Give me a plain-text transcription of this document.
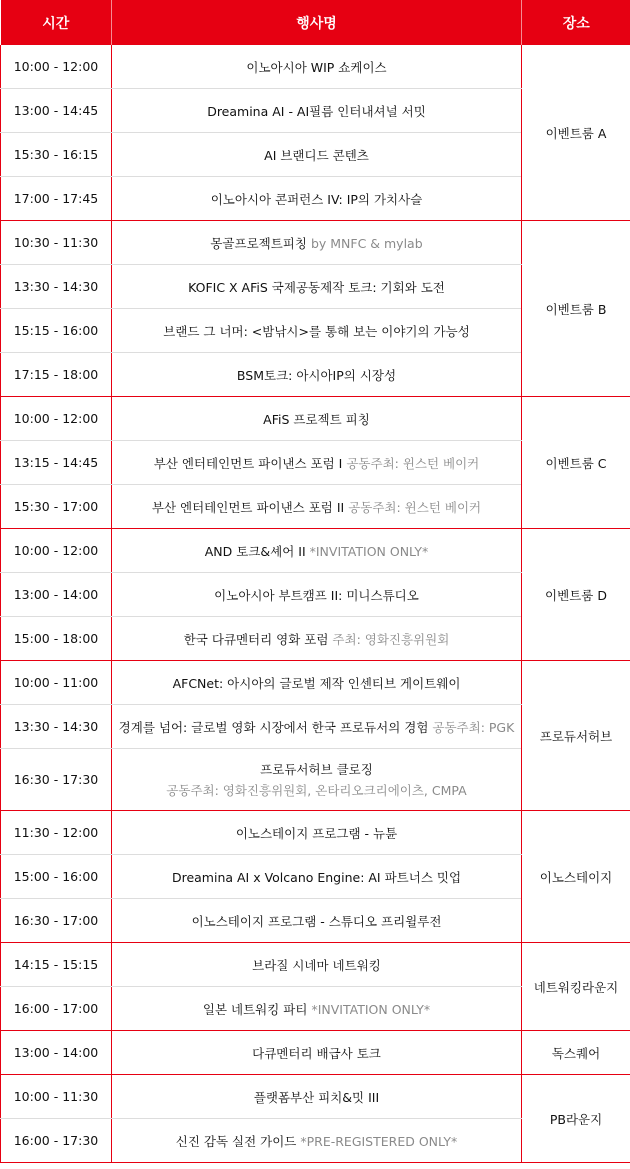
시간	행사명	장소
10:00 - 12:00	이노아시아 WIP 쇼케이스	이벤트룸 A
13:00 - 14:45	Dreamina AI - AI필름 인터내셔널 서밋	
15:30 - 16:15	AI 브랜디드 콘텐츠	
17:00 - 17:45	이노아시아 콘퍼런스 IV: IP의 가치사슬	
10:30 - 11:30	몽골프로젝트피칭 by MNFC & mylab	이벤트룸 B
13:30 - 14:30	KOFIC X AFiS 국제공동제작 토크: 기회와 도전	
15:15 - 16:00	브랜드 그 너머: <밤낚시>를 통해 보는 이야기의 가능성	
17:15 - 18:00	BSM토크: 아시아IP의 시장성	
10:00 - 12:00	AFiS 프로젝트 피칭	이벤트룸 C
13:15 - 14:45	부산 엔터테인먼트 파이낸스 포럼 I 공동주최: 윈스턴 베이커	
15:30 - 17:00	부산 엔터테인먼트 파이낸스 포럼 II 공동주최: 윈스턴 베이커	
10:00 - 12:00	AND 토크&셰어 II *INVITATION ONLY*	이벤트룸 D
13:00 - 14:00	이노아시아 부트캠프 II: 미니스튜디오	
15:00 - 18:00	한국 다큐멘터리 영화 포럼 주최: 영화진흥위원회	
10:00 - 11:00	AFCNet: 아시아의 글로벌 제작 인센티브 게이트웨이	프로듀서허브
13:30 - 14:30	경계를 넘어: 글로벌 영화 시장에서 한국 프로듀서의 경험 공동주최: PGK	
16:30 - 17:30	프로듀서허브 클로징
공동주최: 영화진흥위원회, 온타리오크리에이츠, CMPA	

11:30 - 12:00	이노스테이지 프로그램 - 뉴튠	이노스테이지
15:00 - 16:00	Dreamina AI x Volcano Engine: AI 파트너스 밋업	
16:30 - 17:00	이노스테이지 프로그램 - 스튜디오 프리윌루전	
14:15 - 15:15	브라질 시네마 네트워킹	네트워킹라운지
16:00 - 17:00	일본 네트워킹 파티 *INVITATION ONLY*	
13:00 - 14:00	다큐멘터리 배급사 토크	독스퀘어
10:00 - 11:30	플랫폼부산 피치&밋 III	PB라운지
16:00 - 17:30	신진 감독 실전 가이드 *PRE-REGISTERED ONLY*	
